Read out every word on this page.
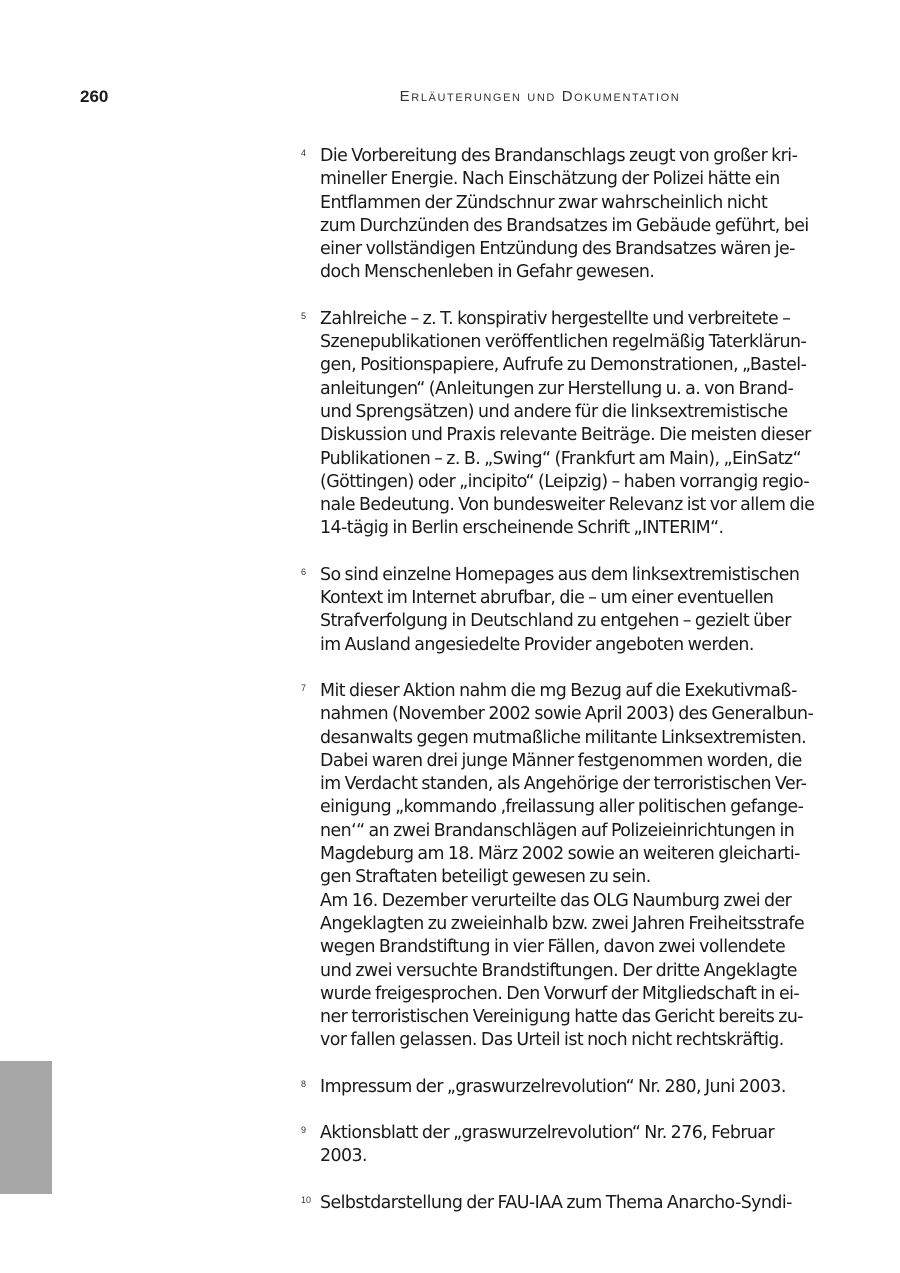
260	Erläuterungen und Dokumentation
4 Die Vorbereitung des Brandanschlags zeugt von großer kri-
mineller Energie. Nach Einschätzung der Polizei hätte ein
Entflammen der Zündschnur zwar wahrscheinlich nicht
zum Durchzünden des Brandsatzes im Gebäude geführt, bei
einer vollständigen Entzündung des Brandsatzes wären je-
doch Menschenleben in Gefahr gewesen.
5 Zahlreiche – z. T. konspirativ hergestellte und verbreitete –
Szenepublikationen veröffentlichen regelmäßig Taterklärun-
gen, Positionspapiere, Aufrufe zu Demonstrationen, „Bastel-
anleitungen“ (Anleitungen zur Herstellung u. a. von Brand-
und Sprengsätzen) und andere für die linksextremistische
Diskussion und Praxis relevante Beiträge. Die meisten dieser
Publikationen – z. B. „Swing“ (Frankfurt am Main), „EinSatz“
(Göttingen) oder „incipito“ (Leipzig) – haben vorrangig regio-
nale Bedeutung. Von bundesweiter Relevanz ist vor allem die
14-tägig in Berlin erscheinende Schrift „INTERIM“.
6 So sind einzelne Homepages aus dem linksextremistischen
Kontext im Internet abrufbar, die – um einer eventuellen
Strafverfolgung in Deutschland zu entgehen – gezielt über
im Ausland angesiedelte Provider angeboten werden.
7 Mit dieser Aktion nahm die mg Bezug auf die Exekutivmaß-
nahmen (November 2002 sowie April 2003) des Generalbun-
desanwalts gegen mutmaßliche militante Linksextremisten.
Dabei waren drei junge Männer festgenommen worden, die
im Verdacht standen, als Angehörige der terroristischen Ver-
einigung „kommando ‚freilassung aller politischen gefange-
nen‘“ an zwei Brandanschlägen auf Polizeieinrichtungen in
Magdeburg am 18. März 2002 sowie an weiteren gleicharti-
gen Straftaten beteiligt gewesen zu sein.
Am 16. Dezember verurteilte das OLG Naumburg zwei der
Angeklagten zu zweieinhalb bzw. zwei Jahren Freiheitsstrafe
wegen Brandstiftung in vier Fällen, davon zwei vollendete
und zwei versuchte Brandstiftungen. Der dritte Angeklagte
wurde freigesprochen. Den Vorwurf der Mitgliedschaft in ei-
ner terroristischen Vereinigung hatte das Gericht bereits zu-
vor fallen gelassen. Das Urteil ist noch nicht rechtskräftig.
8 Impressum der „graswurzelrevolution“ Nr. 280, Juni 2003.
9 Aktionsblatt der „graswurzelrevolution“ Nr. 276, Februar
2003.
10 Selbstdarstellung der FAU-IAA zum Thema Anarcho-Syndi-
